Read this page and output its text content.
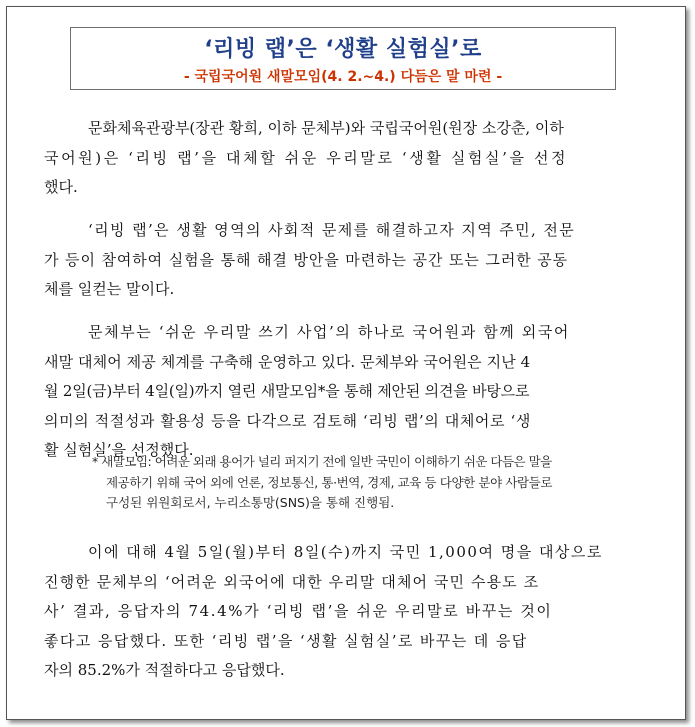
‘리빙 랩’은 ‘생활 실험실’로
- 국립국어원 새말모임(4. 2.~4.) 다듬은 말 마련 -
문화체육관광부(장관 황희, 이하 문체부)와 국립국어원(원장 소강춘, 이하
국어원)은 ‘리빙 랩’을 대체할 쉬운 우리말로 ‘생활 실험실’을 선정
했다.
‘리빙 랩’은 생활 영역의 사회적 문제를 해결하고자 지역 주민, 전문
가 등이 참여하여 실험을 통해 해결 방안을 마련하는 공간 또는 그러한 공동
체를 일컫는 말이다.
문체부는 ‘쉬운 우리말 쓰기 사업’의 하나로 국어원과 함께 외국어
새말 대체어 제공 체계를 구축해 운영하고 있다. 문체부와 국어원은 지난 4
월 2일(금)부터 4일(일)까지 열린 새말모임*을 통해 제안된 의견을 바탕으로
의미의 적절성과 활용성 등을 다각으로 검토해 ‘리빙 랩’의 대체어로 ‘생
활 실험실’을 선정했다.
* 새말모임: 어려운 외래 용어가 널리 퍼지기 전에 일반 국민이 이해하기 쉬운 다듬은 말을
제공하기 위해 국어 외에 언론, 정보통신, 통·번역, 경제, 교육 등 다양한 분야 사람들로
구성된 위원회로서, 누리소통망(SNS)을 통해 진행됨.
이에 대해 4월 5일(월)부터 8일(수)까지 국민 1,000여 명을 대상으로
진행한 문체부의 ‘어려운 외국어에 대한 우리말 대체어 국민 수용도 조
사’ 결과, 응답자의 74.4%가 ‘리빙 랩’을 쉬운 우리말로 바꾸는 것이
좋다고 응답했다. 또한 ‘리빙 랩’을 ‘생활 실험실’로 바꾸는 데 응답
자의 85.2%가 적절하다고 응답했다.
